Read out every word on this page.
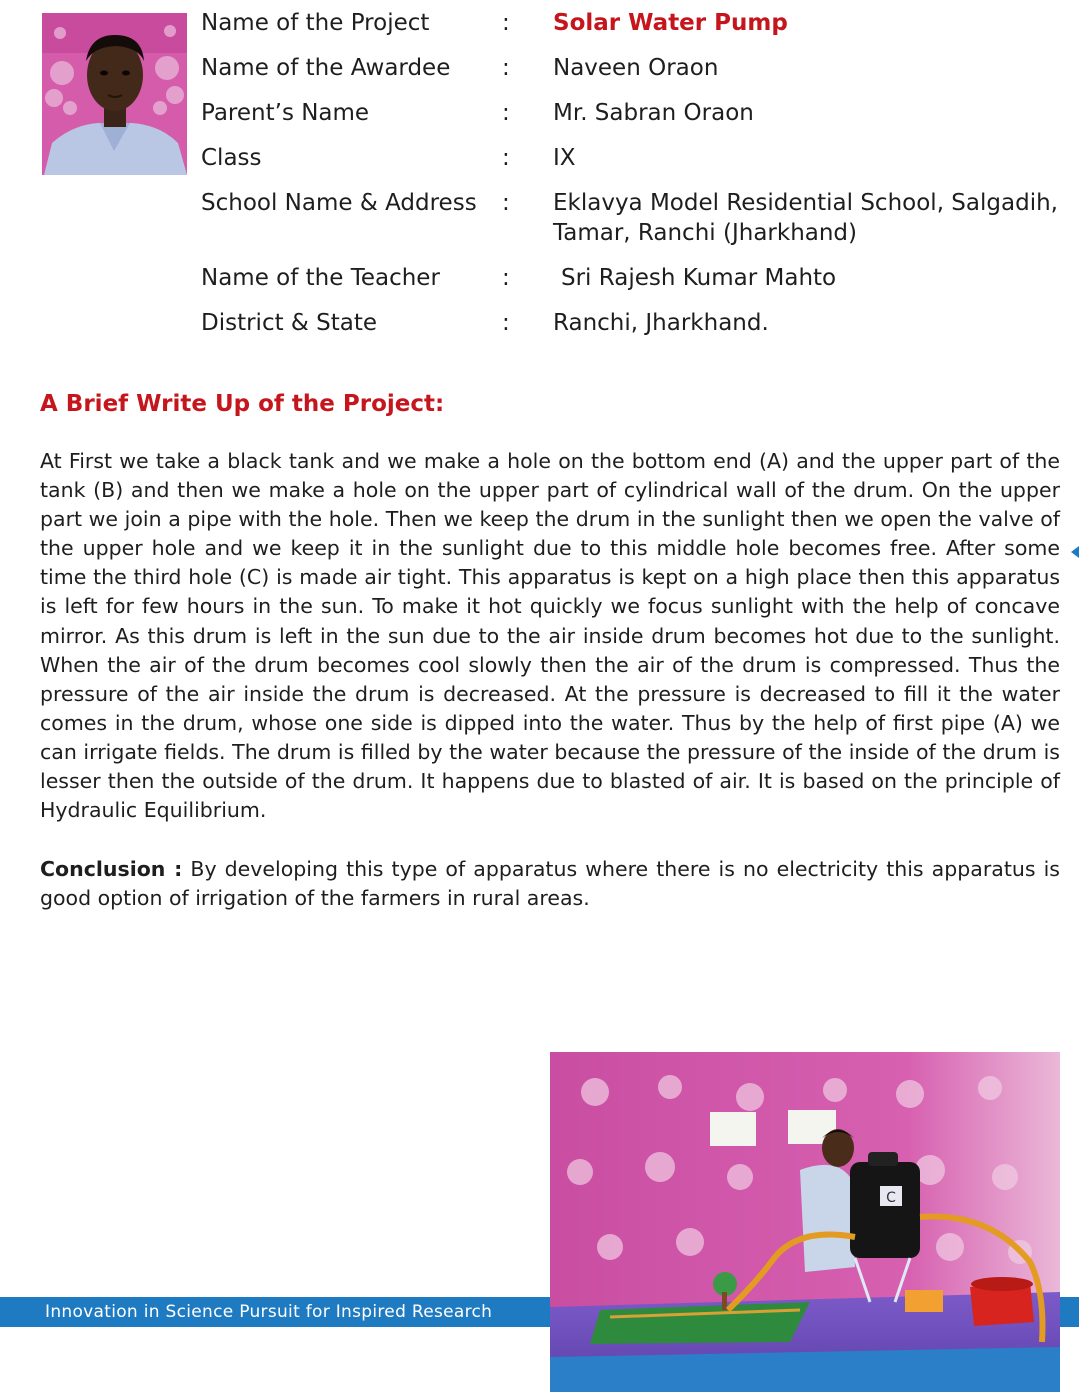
Name of the Project	: Solar Water Pump
Name of the Awardee : Naveen Oraon
Parent’s Name	: Mr. Sabran Oraon
Class	: IX
School Name & Address : Eklavya Model Residential School, Salgadih, Tamar, Ranchi (Jharkhand)
Name of the Teacher	: Sri Rajesh Kumar Mahto
District & State	: Ranchi, Jharkhand.
A Brief Write Up of the Project:

At First we take a black tank and we make a hole on the bottom end (A) and the upper part of the tank (B) and then we make a hole on the upper part of cylindrical wall of the drum. On the upper part we join a pipe with the hole. Then we keep the drum in the sunlight then we open the valve of the upper hole and we keep it in the sunlight due to this middle hole becomes free. After some time the third hole (C) is made air tight. This apparatus is kept on a high place then this apparatus is left for few hours in the sun. To make it hot quickly we focus sunlight with the help of concave mirror. As this drum is left in the sun due to the air inside drum becomes hot due to the sunlight. When the air of the drum becomes cool slowly then the air of the drum is compressed. Thus the pressure of the air inside the drum is decreased. At the pressure is decreased to fill it the water comes in the drum, whose one side is dipped into the water. Thus by the help of first pipe (A) we can irrigate fields. The drum is filled by the water because the pressure of the inside of the drum is lesser then the outside of the drum. It happens due to blasted of air. It is based on the principle of Hydraulic Equilibrium.

Conclusion : By developing this type of apparatus where there is no electricity this apparatus is good option of irrigation of the farmers in rural areas.

Innovation in Science Pursuit for Inspired Research
C
